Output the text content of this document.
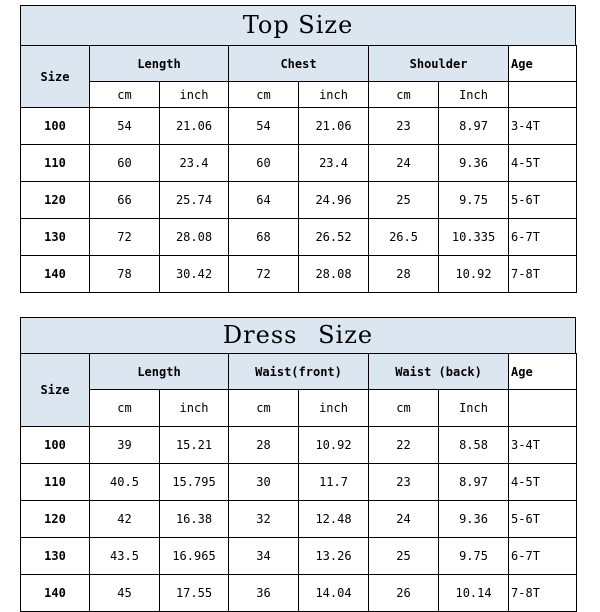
Top Size
Size	Length		Chest		Shoulder		Age
	cm	inch	cm	inch	cm	Inch	
100	54	21.06	54	21.06	23	8.97	3-4T
110	60	23.4	60	23.4	24	9.36	4-5T
120	66	25.74	64	24.96	25	9.75	5-6T
130	72	28.08	68	26.52	26.5	10.335	6-7T
140	78	30.42	72	28.08	28	10.92	7-8T
Dress Size
Size	Length		Waist(front)		Waist (back)		Age
	cm	inch	cm	inch	cm	Inch	
100	39	15.21	28	10.92	22	8.58	3-4T
110	40.5	15.795	30	11.7	23	8.97	4-5T
120	42	16.38	32	12.48	24	9.36	5-6T
130	43.5	16.965	34	13.26	25	9.75	6-7T
140	45	17.55	36	14.04	26	10.14	7-8T
